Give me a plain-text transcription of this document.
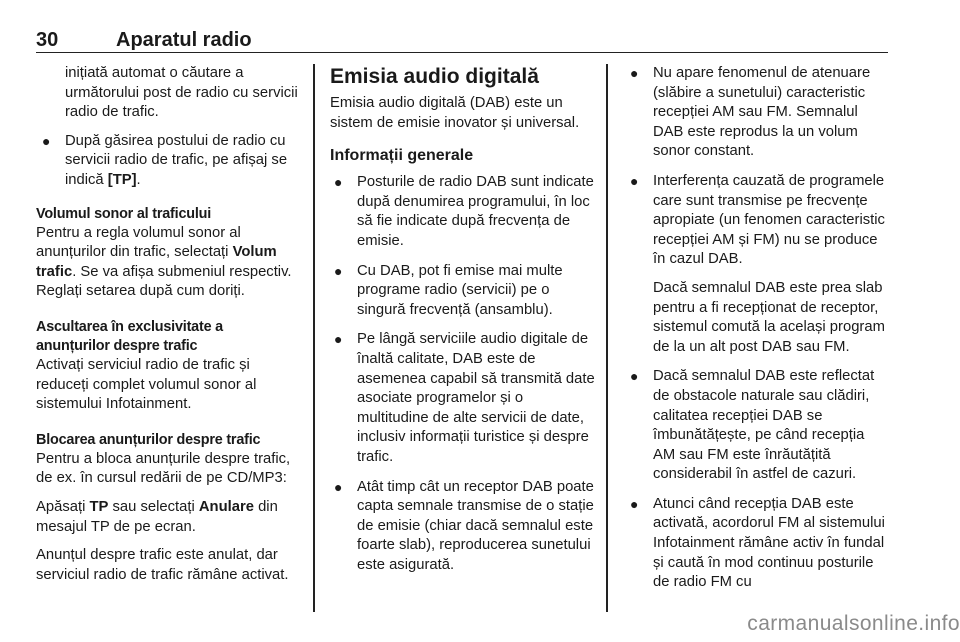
30	Aparatul radio
inițiată automat o căutare a următorului post de radio cu servicii radio de trafic.
● După găsirea postului de radio cu servicii radio de trafic, pe afișaj se indică [TP].
Volumul sonor al traficului

Pentru a regla volumul sonor al anunțurilor din trafic, selectați Volum trafic. Se va afișa submeniul respectiv. Reglați setarea după cum doriți.

Ascultarea în exclusivitate a
anunțurilor despre trafic

Activați serviciul radio de trafic și reduceți complet volumul sonor al sistemului Infotainment.

Blocarea anunțurilor despre trafic

Pentru a bloca anunțurile despre trafic, de ex. în cursul redării de pe CD/MP3:

Apăsați TP sau selectați Anulare din mesajul TP de pe ecran.

Anunțul despre trafic este anulat, dar serviciul radio de trafic rămâne activat.

Emisia audio digitală

Emisia audio digitală (DAB) este un sistem de emisie inovator și universal.

Informații generale
● Posturile de radio DAB sunt indicate după denumirea programului, în loc să fie indicate după frecvența de emisie.
● Cu DAB, pot fi emise mai multe programe radio (servicii) pe o singură frecvență (ansamblu).
● Pe lângă serviciile audio digitale de înaltă calitate, DAB este de asemenea capabil să transmită date asociate programelor și o multitudine de alte servicii de date, inclusiv informații turistice și despre trafic.
● Atât timp cât un receptor DAB poate capta semnale transmise de o stație de emisie (chiar dacă semnalul este foarte slab), reproducerea sunetului este asigurată.
● Nu apare fenomenul de atenuare (slăbire a sunetului) caracteristic recepției AM sau FM. Semnalul DAB este reprodus la un volum sonor constant.
● Interferența cauzată de programele care sunt transmise pe frecvențe apropiate (un fenomen caracteristic recepției AM și FM) nu se produce în cazul DAB.
Dacă semnalul DAB este prea slab pentru a fi recepționat de receptor, sistemul comută la același program de la un alt post DAB sau FM.
● Dacă semnalul DAB este reflectat de obstacole naturale sau clădiri, calitatea recepției DAB se îmbunătățește, pe când recepția AM sau FM este înrăutățită considerabil în astfel de cazuri.
● Atunci când recepția DAB este activată, acordorul FM al sistemului Infotainment rămâne activ în fundal și caută în mod continuu posturile de radio FM cu
carmanualsonline.info
